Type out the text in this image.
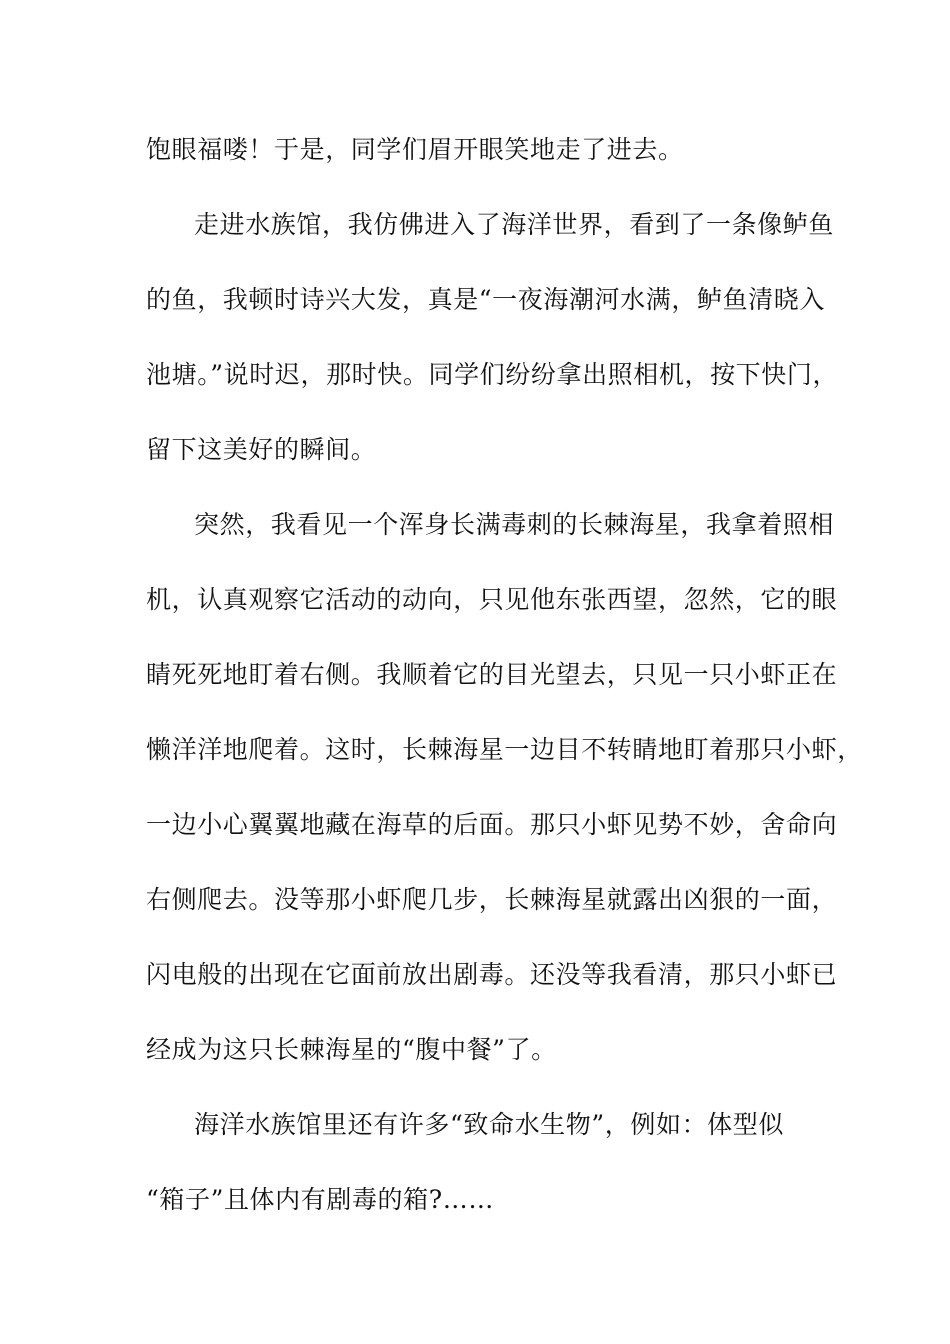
饱眼福喽！于是，同学们眉开眼笑地走了进去。
走进水族馆，我仿佛进入了海洋世界，看到了一条像鲈鱼
的鱼，我顿时诗兴大发，真是“一夜海潮河水满，鲈鱼清晓入
池塘。”说时迟，那时快。同学们纷纷拿出照相机，按下快门，
留下这美好的瞬间。
突然，我看见一个浑身长满毒刺的长棘海星，我拿着照相
机，认真观察它活动的动向，只见他东张西望，忽然，它的眼
睛死死地盯着右侧。我顺着它的目光望去，只见一只小虾正在
懒洋洋地爬着。这时，长棘海星一边目不转睛地盯着那只小虾，
一边小心翼翼地藏在海草的后面。那只小虾见势不妙，舍命向
右侧爬去。没等那小虾爬几步，长棘海星就露出凶狠的一面，
闪电般的出现在它面前放出剧毒。还没等我看清，那只小虾已
经成为这只长棘海星的“腹中餐”了。
海洋水族馆里还有许多“致命水生物”，例如：体型似
“箱子”且体内有剧毒的箱?……
